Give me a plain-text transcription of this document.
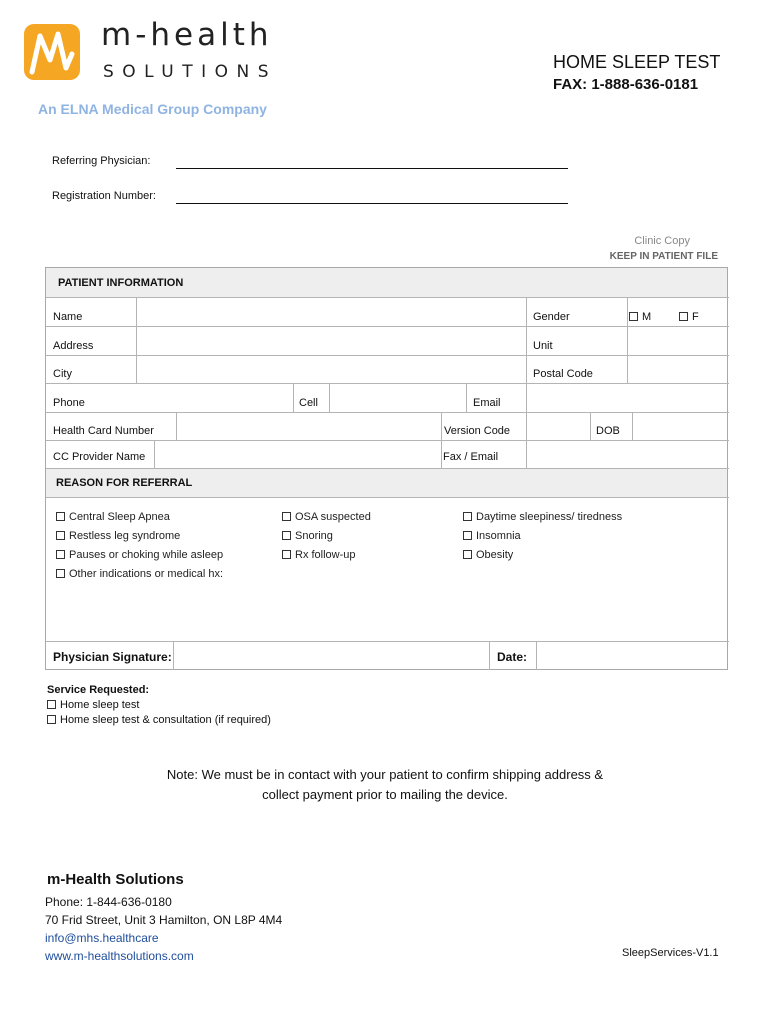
m-health
SOLUTIONS
An ELNA Medical Group Company
HOME SLEEP TEST
FAX: 1-888-636-0181
Referring Physician:
Registration Number:
Clinic Copy
KEEP IN PATIENT FILE
PATIENT INFORMATION
Name	Gender	M	F
Address	Unit
City	Postal Code
Phone	Cell	Email
Health Card Number	Version Code	DOB
CC Provider Name	Fax / Email
REASON FOR REFERRAL
Central Sleep Apnea
Restless leg syndrome
Pauses or choking while asleep
Other indications or medical hx:
OSA suspected
Snoring
Rx follow-up
Daytime sleepiness/ tiredness
Insomnia
Obesity
Physician Signature:	Date:
Service Requested:
Home sleep test
Home sleep test & consultation (if required)
Note: We must be in contact with your patient to confirm shipping address &
collect payment prior to mailing the device.
m-Health Solutions
Phone: 1-844-636-0180
70 Frid Street, Unit 3 Hamilton, ON L8P 4M4
info@mhs.healthcare
www.m-healthsolutions.com	SleepServices-V1.1
